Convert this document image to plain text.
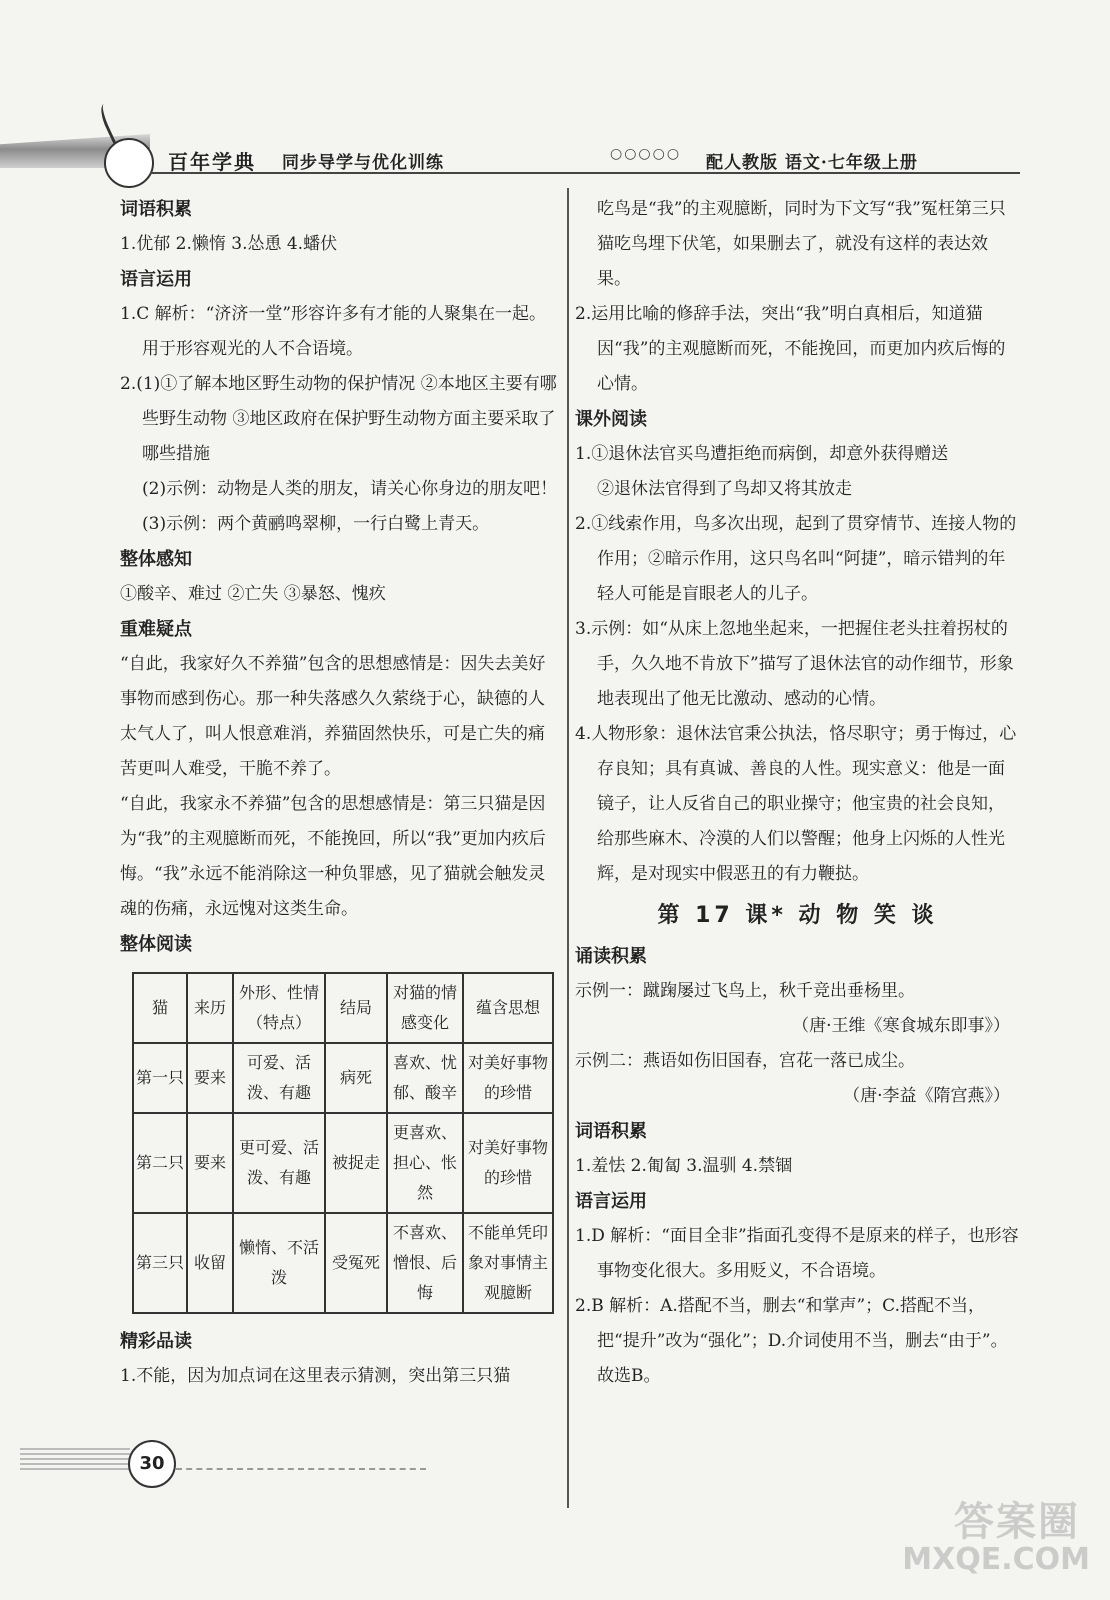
百年学典 同步导学与优化训练	○○○○○ 配人教版 语文·七年级上册
词语积累

1.优郁 2.懒惰 3.怂恿 4.蟠伏

语言运用

1.C 解析：“济济一堂”形容许多有才能的人聚集在一起。用于形容观光的人不合语境。

2.(1)①了解本地区野生动物的保护情况 ②本地区主要有哪些野生动物 ③地区政府在保护野生动物方面主要采取了哪些措施

(2)示例：动物是人类的朋友，请关心你身边的朋友吧！

(3)示例：两个黄鹂鸣翠柳，一行白鹭上青天。

整体感知

①酸辛、难过 ②亡失 ③暴怒、愧疚

重难疑点

“自此，我家好久不养猫”包含的思想感情是：因失去美好事物而感到伤心。那一种失落感久久萦绕于心，缺德的人太气人了，叫人恨意难消，养猫固然快乐，可是亡失的痛苦更叫人难受，干脆不养了。

“自此，我家永不养猫”包含的思想感情是：第三只猫是因为“我”的主观臆断而死，不能挽回，所以“我”更加内疚后悔。“我”永远不能消除这一种负罪感，见了猫就会触发灵魂的伤痛，永远愧对这类生命。

整体阅读
猫	来历	外形、性情（特点）	结局	对猫的情感变化	蕴含思想
第一只	要来	可爱、活泼、有趣	病死	喜欢、忧郁、酸辛	对美好事物的珍惜
第二只	要来	更可爱、活泼、有趣	被捉走	更喜欢、担心、怅然	对美好事物的珍惜
第三只	收留	懒惰、不活泼	受冤死	不喜欢、憎恨、后悔	不能单凭印象对事情主观臆断
精彩品读

1.不能，因为加点词在这里表示猜测，突出第三只猫

吃鸟是“我”的主观臆断，同时为下文写“我”冤枉第三只猫吃鸟埋下伏笔，如果删去了，就没有这样的表达效果。

2.运用比喻的修辞手法，突出“我”明白真相后，知道猫因“我”的主观臆断而死，不能挽回，而更加内疚后悔的心情。

课外阅读

1.①退休法官买鸟遭拒绝而病倒，却意外获得赠送

②退休法官得到了鸟却又将其放走

2.①线索作用，鸟多次出现，起到了贯穿情节、连接人物的作用；②暗示作用，这只鸟名叫“阿捷”，暗示错判的年轻人可能是盲眼老人的儿子。

3.示例：如“从床上忽地坐起来，一把握住老头拄着拐杖的手，久久地不肯放下”描写了退休法官的动作细节，形象地表现出了他无比激动、感动的心情。

4.人物形象：退休法官秉公执法，恪尽职守；勇于悔过，心存良知；具有真诚、善良的人性。现实意义：他是一面镜子，让人反省自己的职业操守；他宝贵的社会良知，给那些麻木、冷漠的人们以警醒；他身上闪烁的人性光辉，是对现实中假恶丑的有力鞭挞。

第 17 课* 动 物 笑 谈
诵读积累

示例一：蹴踘屡过飞鸟上，秋千竞出垂杨里。

（唐·王维《寒食城东即事》）

示例二：燕语如伤旧国春，宫花一落已成尘。

（唐·李益《隋宫燕》）

词语积累

1.羞怯 2.匍匐 3.温驯 4.禁锢

语言运用

1.D 解析：“面目全非”指面孔变得不是原来的样子，也形容事物变化很大。多用贬义，不合语境。

2.B 解析：A.搭配不当，删去“和掌声”；C.搭配不当，把“提升”改为“强化”；D.介词使用不当，删去“由于”。故选B。

30
答案圈
MXQE.COM
